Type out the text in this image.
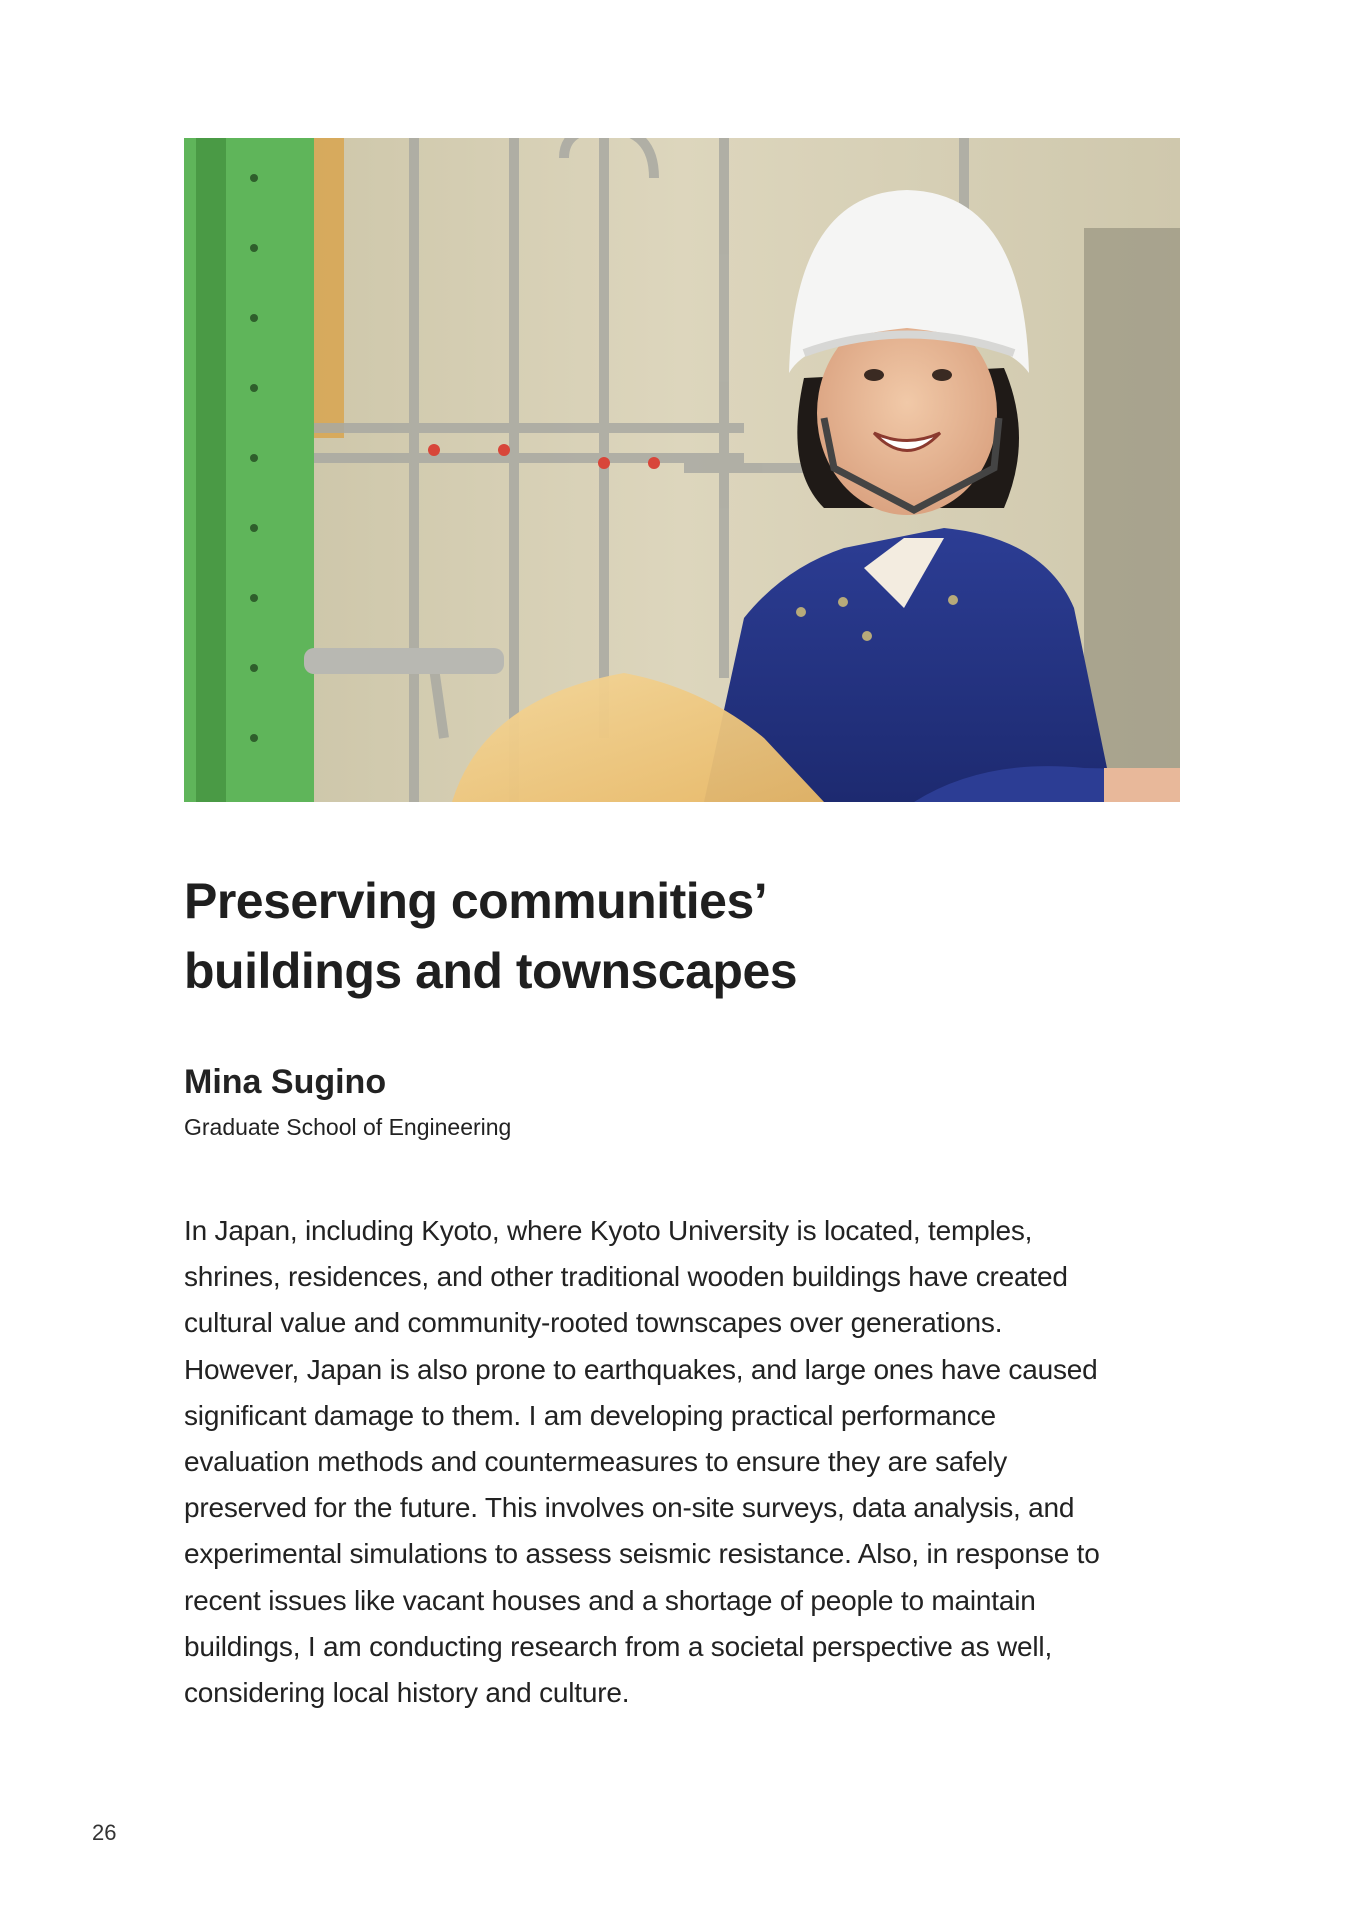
Preserving communities’
buildings and townscapes
Mina Sugino
Graduate School of Engineering

In Japan, including Kyoto, where Kyoto University is located, temples,
shrines, residences, and other traditional wooden buildings have created
cultural value and community-rooted townscapes over generations.
However, Japan is also prone to earthquakes, and large ones have caused
significant damage to them. I am developing practical performance
evaluation methods and countermeasures to ensure they are safely
preserved for the future. This involves on-site surveys, data analysis, and
experimental simulations to assess seismic resistance. Also, in response to
recent issues like vacant houses and a shortage of people to maintain
buildings, I am conducting research from a societal perspective as well,
considering local history and culture.

26
